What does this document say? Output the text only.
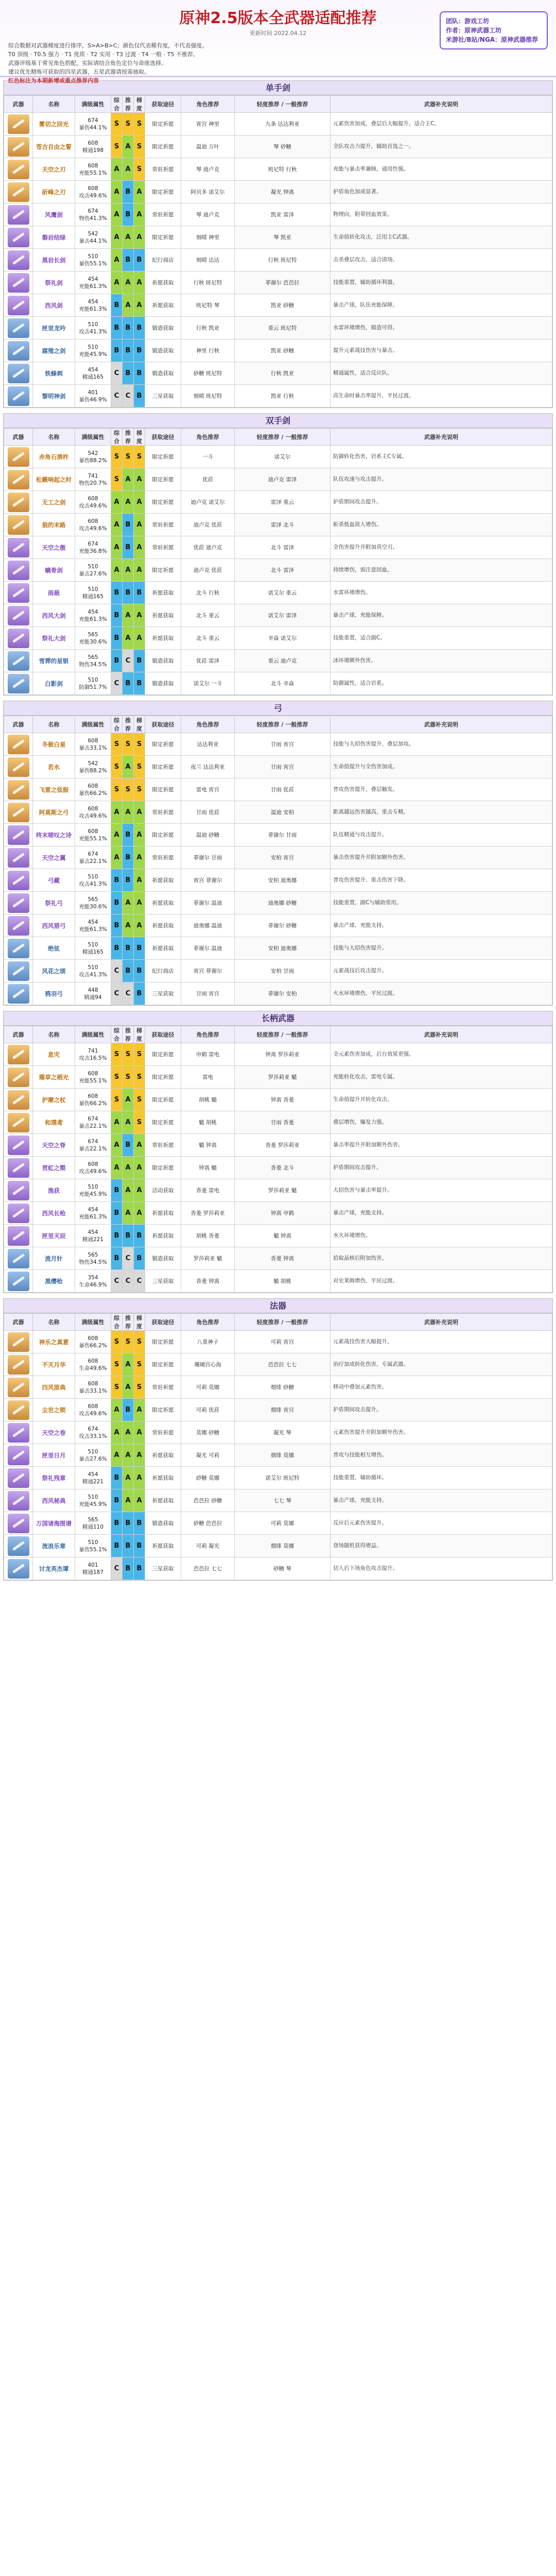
原神2.5版本全武器适配推荐
更新时间 2022.04.12
综合数据对武器梯度进行排序，S>A>B>C；颜色仅代表稀有度，不代表强度。
T0 顶级 · T0.5 强力 · T1 优质 · T2 实用 · T3 过渡 · T4 一般 · T5 不推荐。
武器评级基于常见角色搭配，实际请结合角色定位与命座选择。
建议优先精炼可获取的四星武器，五星武器请按需抽取。
红色标注为本期新增或重点推荐内容
团队：游戏工坊
作者：原神武器工坊
米游社/B站/NGA：原神武器推荐
单手剑
武器	名称	满级属性	综合	推荐	梯度	获取途径	角色推荐	轻度推荐 / 一般推荐	武器补充说明

	雾切之回光	674
暴伤44.1%	S	S	S	限定祈愿	宵宫 神里	九条 达达利亚	元素伤害加成，叠层后大幅提升，适合主C。

	苍古自由之誓	608
精通198	S	A	S	限定祈愿	温迪 万叶	琴 砂糖	全队攻击力提升，辅助首选之一。

	天空之刃	608
充能55.1%	A	A	S	常驻祈愿	琴 迪卢克	班尼特 行秋	充能与暴击率兼顾，通用性强。

	斫峰之刃	608
攻击49.6%	A	B	A	限定祈愿	阿贝多 诺艾尔	凝光 钟离	护盾角色加成显著。

	风鹰剑	674
物伤41.3%	A	B	A	常驻祈愿	琴 迪卢克	凯亚 雷泽	物理向，附带回血效果。

	磐岩结绿	542
暴击44.1%	A	A	A	限定祈愿	刻晴 神里	琴 凯亚	生命值转化攻击，泛用主C武器。

	黑岩长剑	510
暴伤55.1%	A	B	B	纪行商店	刻晴 达达	行秋 班尼特	击杀叠层攻击，适合清场。

	祭礼剑	454
充能61.3%	A	A	A	祈愿获取	行秋 班尼特	菲谢尔 芭芭拉	技能重置，辅助循环利器。

	西风剑	454
充能61.3%	B	A	A	祈愿获取	班尼特 琴	凯亚 砂糖	暴击产球，队伍充能保障。

	匣里龙吟	510
攻击41.3%	B	B	B	锻造获取	行秋 凯亚	重云 班尼特	水雷环境增伤，锻造可得。

	腐殖之剑	510
充能45.9%	B	B	B	锻造获取	神里 行秋	凯亚 砂糖	提升元素战技伤害与暴击。

	铁蜂刺	454
精通165	C	B	B	锻造获取	砂糖 班尼特	行秋 凯亚	精通属性，适合反应队。

	黎明神剑	401
暴伤46.9%	C	C	B	三星获取	刻晴 班尼特	凯亚 行秋	高生命时暴击率提升，平民过渡。
双手剑
武器	名称	满级属性	综合	推荐	梯度	获取途径	角色推荐	轻度推荐 / 一般推荐	武器补充说明

	赤角石溃杵	542
暴伤88.2%	S	S	S	限定祈愿	一斗	诺艾尔	防御转化伤害，岩系主C专属。

	松籁响起之时	741
物伤20.7%	S	A	A	限定祈愿	优菈	迪卢克 雷泽	队伍攻速与攻击提升。

	无工之剑	608
攻击49.6%	A	A	A	限定祈愿	迪卢克 诺艾尔	雷泽 重云	护盾期间攻击提升。

	狼的末路	608
攻击49.6%	A	B	A	常驻祈愿	迪卢克 优菈	雷泽 北斗	斩杀低血敌人增伤。

	天空之傲	674
充能36.8%	A	B	A	常驻祈愿	优菈 迪卢克	北斗 雷泽	全伤害提升并附加真空刃。

	螭骨剑	510
暴击27.6%	A	A	A	限定祈愿	迪卢克 优菈	北斗 雷泽	持续增伤，需注意回血。

	雨裁	510
精通165	B	B	B	祈愿获取	北斗 行秋	诺艾尔 重云	水雷环境增伤。

	西风大剑	454
充能61.3%	B	A	A	祈愿获取	北斗 重云	诺艾尔 雷泽	暴击产球，充能保障。

	祭礼大剑	565
充能30.6%	B	A	A	祈愿获取	北斗 重云	辛焱 诺艾尔	技能重置，适合副C。

	雪葬的星银	565
物伤34.5%	B	C	B	锻造获取	优菈 雷泽	重云 迪卢克	冰环境额外伤害。

	白影剑	510
防御51.7%	C	B	B	锻造获取	诺艾尔 一斗	北斗 辛焱	防御属性，适合岩系。
弓
武器	名称	满级属性	综合	推荐	梯度	获取途径	角色推荐	轻度推荐 / 一般推荐	武器补充说明

	冬极白星	608
暴击33.1%	S	S	S	限定祈愿	达达利亚	甘雨 宵宫	技能与大招伤害提升，叠层加攻。

	若水	542
暴伤88.2%	S	A	S	限定祈愿	夜兰 达达利亚	甘雨 宵宫	生命值提升与全伤害加成。

	飞雷之弦振	608
暴伤66.2%	S	S	S	限定祈愿	雷电 宵宫	甘雨 优菈	普攻伤害提升，叠层触发。

	阿莫斯之弓	608
攻击49.6%	A	A	A	常驻祈愿	甘雨 优菈	温迪 安柏	距离越远伤害越高，重击专精。

	终末嗟叹之诗	608
充能55.1%	A	B	A	限定祈愿	温迪 砂糖	菲谢尔 甘雨	队伍精通与攻击提升。

	天空之翼	674
暴击22.1%	A	B	A	常驻祈愿	菲谢尔 甘雨	安柏 宵宫	暴击伤害提升并附加额外伤害。

	弓藏	510
攻击41.3%	B	B	A	祈愿获取	宵宫 菲谢尔	安柏 迪奥娜	普攻伤害提升，重击伤害下降。

	祭礼弓	565
充能30.6%	B	A	A	祈愿获取	菲谢尔 温迪	迪奥娜 砂糖	技能重置，副C与辅助常用。

	西风猎弓	454
充能61.3%	B	A	A	祈愿获取	迪奥娜 温迪	菲谢尔 砂糖	暴击产球，充能支持。

	绝弦	510
精通165	B	B	B	祈愿获取	菲谢尔 温迪	安柏 迪奥娜	技能与大招伤害提升。

	风花之颂	510
攻击41.3%	C	B	B	纪行商店	宵宫 菲谢尔	安柏 甘雨	元素战技后攻击提升。

	鸦羽弓	448
精通94	C	C	B	三星获取	甘雨 宵宫	菲谢尔 安柏	火水环境增伤，平民过渡。
长柄武器
武器	名称	满级属性	综合	推荐	梯度	获取途径	角色推荐	轻度推荐 / 一般推荐	武器补充说明

	息灾	741
攻击16.5%	S	S	S	限定祈愿	申鹤 雷电	钟离 罗莎莉亚	全元素伤害加成，后台效果更强。

	薙草之稻光	608
充能55.1%	S	S	S	限定祈愿	雷电	罗莎莉亚 魈	充能转化攻击，雷电专属。

	护摩之杖	608
暴伤66.2%	S	A	S	限定祈愿	胡桃 魈	钟离 香菱	生命值提升并转化攻击。

	和璞鸢	674
暴击22.1%	A	A	S	限定祈愿	魈 胡桃	甘雨 香菱	叠层增伤，爆发力强。

	天空之脊	674
暴击22.1%	A	B	A	常驻祈愿	魈 钟离	香菱 罗莎莉亚	暴击率提升并附加额外伤害。

	贯虹之槊	608
攻击49.6%	A	A	A	限定祈愿	钟离 魈	香菱 北斗	护盾期间攻击提升。

	渔获	510
充能45.9%	B	A	A	活动获取	香菱 雷电	罗莎莉亚 魈	大招伤害与暴击率提升。

	西风长枪	454
充能61.3%	B	A	A	祈愿获取	香菱 罗莎莉亚	钟离 申鹤	暴击产球，充能支持。

	匣里灭辰	454
精通221	B	B	B	祈愿获取	胡桃 香菱	魈 钟离	水火环境增伤。

	流月针	565
物伤34.5%	B	C	B	锻造获取	罗莎莉亚 魈	香菱 钟离	拾取晶核后附加伤害。

	黑缨枪	354
生命46.9%	C	C	C	三星获取	香菱 钟离	魈 胡桃	对史莱姆增伤，平民过渡。
法器
武器	名称	满级属性	综合	推荐	梯度	获取途径	角色推荐	轻度推荐 / 一般推荐	武器补充说明

	神乐之真意	608
暴伤66.2%	S	S	S	限定祈愿	八重神子	可莉 宵宫	元素战技伤害大幅提升。

	不灭月华	608
生命49.6%	S	A	S	限定祈愿	珊瑚宫心海	芭芭拉 七七	治疗加成转化伤害，专属武器。

	四风原典	608
暴击33.1%	S	A	S	常驻祈愿	可莉 莫娜	烟绯 砂糖	移动中叠加元素伤害。

	尘世之锁	608
攻击49.6%	A	B	A	限定祈愿	可莉 优菈	烟绯 宵宫	护盾期间攻击提升。

	天空之卷	674
攻击33.1%	A	A	A	常驻祈愿	莫娜 砂糖	凝光 琴	元素伤害提升并附加额外伤害。

	匣里日月	510
暴击27.6%	A	A	A	祈愿获取	凝光 可莉	烟绯 莫娜	普攻与技能相互增伤。

	祭礼残章	454
精通221	B	A	A	祈愿获取	砂糖 莫娜	诺艾尔 班尼特	技能重置，辅助循环。

	西风秘典	510
充能45.9%	B	A	A	祈愿获取	芭芭拉 砂糖	七七 琴	暴击产球，充能支持。

	万国诸海图谱	565
精通110	B	B	B	锻造获取	砂糖 芭芭拉	可莉 莫娜	反应后元素伤害提升。

	流浪乐章	510
暴伤55.1%	B	B	B	祈愿获取	可莉 凝光	烟绯 莫娜	登场随机获得增益。

	讨龙英杰谭	401
精通187	C	B	B	三星获取	芭芭拉 七七	砂糖 琴	切人后下场角色攻击提升。
